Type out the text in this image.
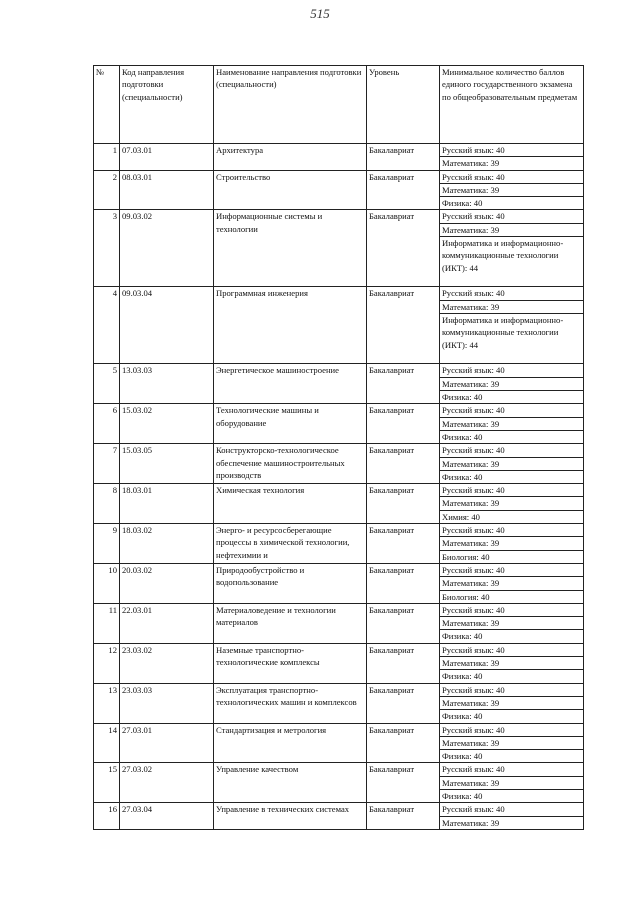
515
№	Код направления подготовки (специальности)	Наименование направления подготовки (специальности)	Уровень	Минимальное количество баллов единого государственного экзамена по общеобразовательным предметам
1	07.03.01	Архитектура	Бакалавриат	Русский язык: 40
Математика: 39

2	08.03.01	Строительство	Бакалавриат	Русский язык: 40
Математика: 39
Физика: 40

3	09.03.02	Информационные системы и технологии	Бакалавриат	Русский язык: 40
Математика: 39
Информатика и информационно-коммуникационные технологии (ИКТ): 44

4	09.03.04	Программная инженерия	Бакалавриат	Русский язык: 40
Математика: 39
Информатика и информационно-коммуникационные технологии (ИКТ): 44

5	13.03.03	Энергетическое машиностроение	Бакалавриат	Русский язык: 40
Математика: 39
Физика: 40

6	15.03.02	Технологические машины и оборудование	Бакалавриат	Русский язык: 40
Математика: 39
Физика: 40

7	15.03.05	Конструкторско-технологическое обеспечение машиностроительных производств	Бакалавриат	Русский язык: 40
Математика: 39
Физика: 40

8	18.03.01	Химическая технология	Бакалавриат	Русский язык: 40
Математика: 39
Химия: 40

9	18.03.02	Энерго- и ресурсосберегающие процессы в химической технологии, нефтехимии и	Бакалавриат	Русский язык: 40
Математика: 39
Биология: 40

10	20.03.02	Природообустройство и водопользование	Бакалавриат	Русский язык: 40
Математика: 39
Биология: 40

11	22.03.01	Материаловедение и технологии материалов	Бакалавриат	Русский язык: 40
Математика: 39
Физика: 40

12	23.03.02	Наземные транспортно-технологические комплексы	Бакалавриат	Русский язык: 40
Математика: 39
Физика: 40

13	23.03.03	Эксплуатация транспортно-технологических машин и комплексов	Бакалавриат	Русский язык: 40
Математика: 39
Физика: 40

14	27.03.01	Стандартизация и метрология	Бакалавриат	Русский язык: 40
Математика: 39
Физика: 40

15	27.03.02	Управление качеством	Бакалавриат	Русский язык: 40
Математика: 39
Физика: 40

16	27.03.04	Управление в технических системах	Бакалавриат	Русский язык: 40
Математика: 39
